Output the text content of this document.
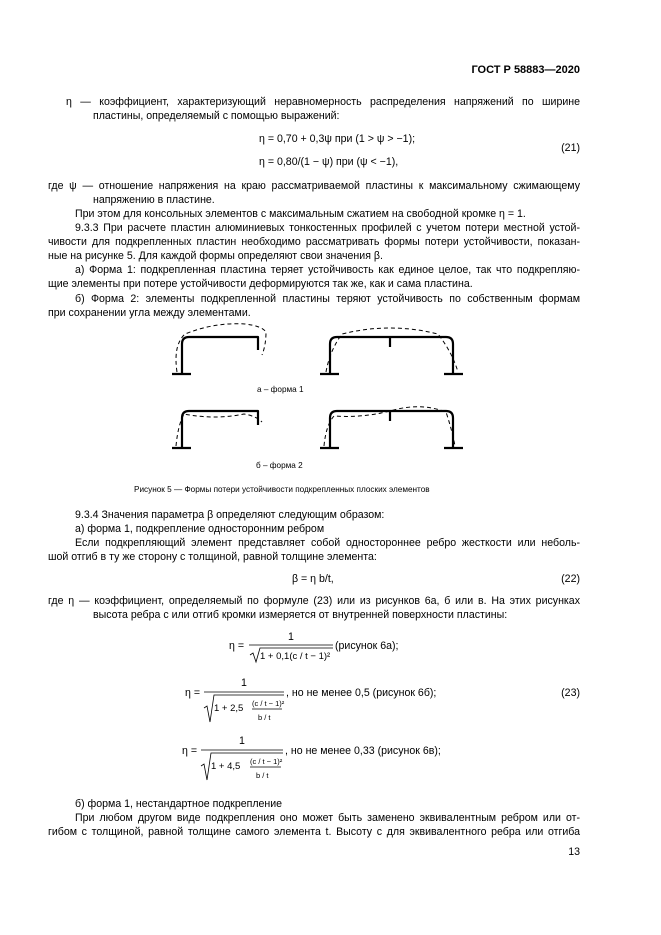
ГОСТ Р 58883—2020
η — коэффициент, характеризующий неравномерность распределения напряжений по ширине
пластины, определяемый с помощью выражений:
η = 0,70 + 0,3ψ при (1 > ψ > −1);
(21)
η = 0,80/(1 − ψ) при (ψ < −1),
где ψ — отношение напряжения на краю рассматриваемой пластины к максимальному сжимающему
напряжению в пластине.
При этом для консольных элементов с максимальным сжатием на свободной кромке η = 1.
9.3.3 При расчете пластин алюминиевых тонкостенных профилей с учетом потери местной устой-
чивости для подкрепленных пластин необходимо рассматривать формы потери устойчивости, показан-
ные на рисунке 5. Для каждой формы определяют свои значения β.
а) Форма 1: подкрепленная пластина теряет устойчивость как единое целое, так что подкрепляю-
щие элементы при потере устойчивости деформируются так же, как и сама пластина.
б) Форма 2: элементы подкрепленной пластины теряют устойчивость по собственным формам
при сохранении угла между элементами.
а – форма 1
б – форма 2
Рисунок 5 — Формы потери устойчивости подкрепленных плоских элементов
9.3.4 Значения параметра β определяют следующим образом:
а) форма 1, подкрепление односторонним ребром
Если подкрепляющий элемент представляет собой одностороннее ребро жесткости или неболь-
шой отгиб в ту же сторону с толщиной, равной толщине элемента:
β = η b/t,	(22)
где η — коэффициент, определяемый по формуле (23) или из рисунков 6а, б или в. На этих рисунках
высота ребра с или отгиб кромки измеряется от внутренней поверхности пластины:
η =
1
1 + 0,1(c / t − 1)²
(рисунок 6а);
η =
1
1 + 2,5 (c / t − 1)²
b / t
, но не менее 0,5 (рисунок 6б);	(23)
η =
1
1 + 4,5 (c / t − 1)²
b / t
, но не менее 0,33 (рисунок 6в);
б) форма 1, нестандартное подкрепление
При любом другом виде подкрепления оно может быть заменено эквивалентным ребром или от-
гибом с толщиной, равной толщине самого элемента t. Высоту с для эквивалентного ребра или отгиба
13
